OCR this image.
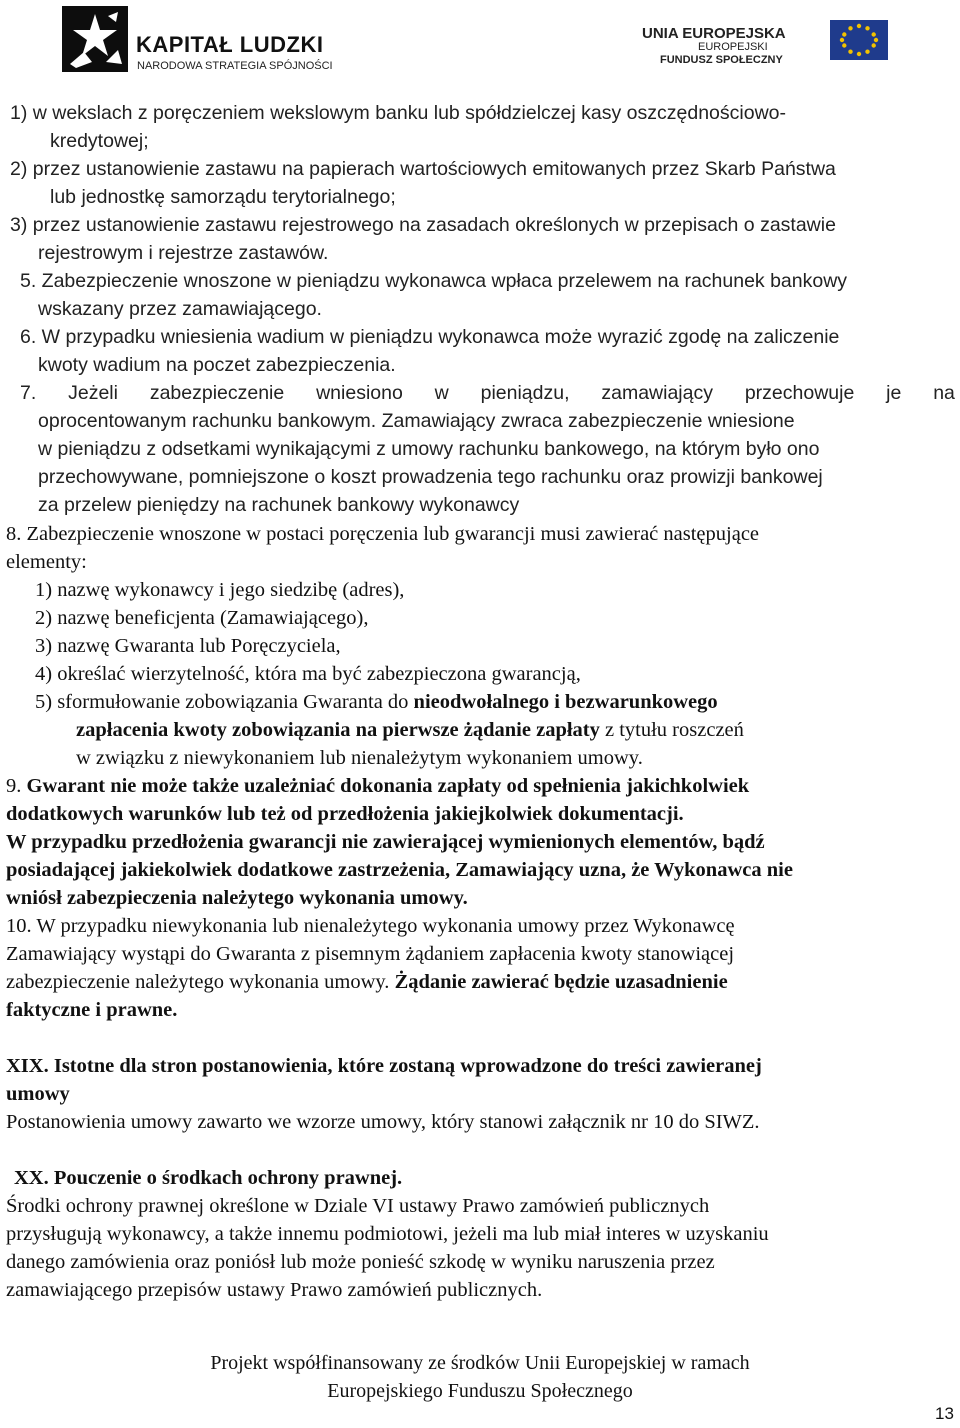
KAPITAŁ LUDZKI
NARODOWA STRATEGIA SPÓJNOŚCI
UNIA EUROPEJSKA
EUROPEJSKI
FUNDUSZ SPOŁECZNY
1) w wekslach z poręczeniem wekslowym banku lub spółdzielczej kasy oszczędnościowo-
kredytowej;
2) przez ustanowienie zastawu na papierach wartościowych emitowanych przez Skarb Państwa
lub jednostkę samorządu terytorialnego;
3) przez ustanowienie zastawu rejestrowego na zasadach określonych w przepisach o zastawie
rejestrowym i rejestrze zastawów.
5. Zabezpieczenie wnoszone w pieniądzu wykonawca wpłaca przelewem na rachunek bankowy
wskazany przez zamawiającego.
6. W przypadku wniesienia wadium w pieniądzu wykonawca może wyrazić zgodę na zaliczenie
kwoty wadium na poczet zabezpieczenia.
7. Jeżeli zabezpieczenie wniesiono w pieniądzu, zamawiający przechowuje je na
oprocentowanym rachunku bankowym. Zamawiający zwraca zabezpieczenie wniesione
w pieniądzu z odsetkami wynikającymi z umowy rachunku bankowego, na którym było ono
przechowywane, pomniejszone o koszt prowadzenia tego rachunku oraz prowizji bankowej
za przelew pieniędzy na rachunek bankowy wykonawcy
8. Zabezpieczenie wnoszone w postaci poręczenia lub gwarancji musi zawierać następujące
elementy:
1) nazwę wykonawcy i jego siedzibę (adres),
2) nazwę beneficjenta (Zamawiającego),
3) nazwę Gwaranta lub Poręczyciela,
4) określać wierzytelność, która ma być zabezpieczona gwarancją,
5) sformułowanie zobowiązania Gwaranta do nieodwołalnego i bezwarunkowego
zapłacenia kwoty zobowiązania na pierwsze żądanie zapłaty z tytułu roszczeń
w związku z niewykonaniem lub nienależytym wykonaniem umowy.
9. Gwarant nie może także uzależniać dokonania zapłaty od spełnienia jakichkolwiek
dodatkowych warunków lub też od przedłożenia jakiejkolwiek dokumentacji.
W przypadku przedłożenia gwarancji nie zawierającej wymienionych elementów, bądź
posiadającej jakiekolwiek dodatkowe zastrzeżenia, Zamawiający uzna, że Wykonawca nie
wniósł zabezpieczenia należytego wykonania umowy.
10. W przypadku niewykonania lub nienależytego wykonania umowy przez Wykonawcę
Zamawiający wystąpi do Gwaranta z pisemnym żądaniem zapłacenia kwoty stanowiącej
zabezpieczenie należytego wykonania umowy. Żądanie zawierać będzie uzasadnienie
faktyczne i prawne.
XIX. Istotne dla stron postanowienia, które zostaną wprowadzone do treści zawieranej
umowy
Postanowienia umowy zawarto we wzorze umowy, który stanowi załącznik nr 10 do SIWZ.
XX. Pouczenie o środkach ochrony prawnej.
Środki ochrony prawnej określone w Dziale VI ustawy Prawo zamówień publicznych
przysługują wykonawcy, a także innemu podmiotowi, jeżeli ma lub miał interes w uzyskaniu
danego zamówienia oraz poniósł lub może ponieść szkodę w wyniku naruszenia przez
zamawiającego przepisów ustawy Prawo zamówień publicznych.
Projekt współfinansowany ze środków Unii Europejskiej w ramach
Europejskiego Funduszu Społecznego
13
